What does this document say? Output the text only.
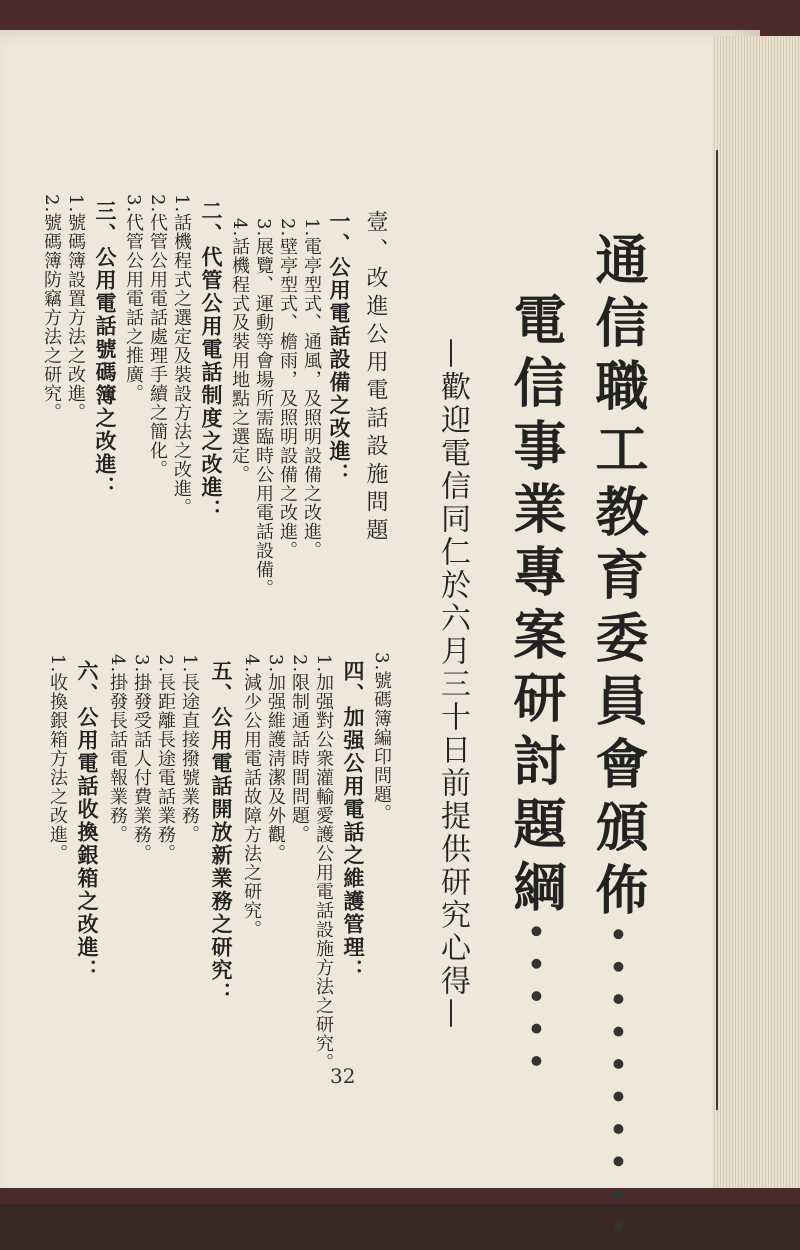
通信職工教育委員會頒佈··········
電信事業專案研討題綱·····
—歡迎電信同仁於六月三十日前提供研究心得—
壹、改進公用電話設施問題
一、公用電話設備之改進：
1.電亭型式、通風，及照明設備之改進。
2.壁亭型式、檐雨，及照明設備之改進。
3.展覽、運動等會場所需臨時公用電話設備。
4.話機程式及裝用地點之選定。
二、代管公用電話制度之改進：
1.話機程式之選定及裝設方法之改進。
2.代管公用電話處理手續之簡化。
3.代管公用電話之推廣。
三、公用電話號碼簿之改進：
1.號碼簿設置方法之改進。
2.號碼簿防竊方法之研究。
3.號碼簿編印問題。
四、加强公用電話之維護管理：
1.加强對公衆灌輸愛護公用電話設施方法之研究。
2.限制通話時間問題。
3.加强維護淸潔及外觀。
4.減少公用電話故障方法之研究。
五、公用電話開放新業務之研究：
1.長途直接撥號業務。
2.長距離長途電話業務。
3.掛發受話人付費業務。
4.掛發長話電報業務。
六、公用電話收換銀箱之改進：
1.收換銀箱方法之改進。
32
